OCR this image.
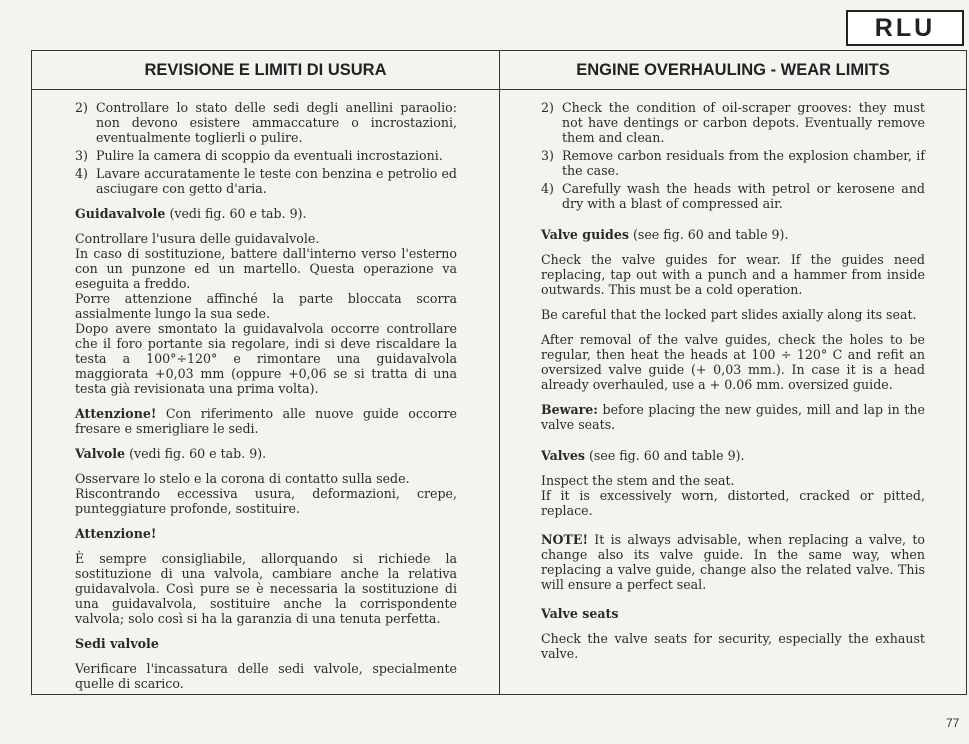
RLU
REVISIONE E LIMITI DI USURA	ENGINE OVERHAULING - WEAR LIMITS
2) Controllare lo stato delle sedi degli anellini paraolio: non devono esistere ammaccature o incrostazioni, eventualmente toglierli o pulire.
3) Pulire la camera di scoppio da eventuali incrostazioni.
4) Lavare accuratamente le teste con benzina e petrolio ed asciugare con getto d'aria.

Guidavalvole (vedi fig. 60 e tab. 9).

Controllare l'usura delle guidavalvole.

In caso di sostituzione, battere dall'interno verso l'esterno con un punzone ed un martello. Questa operazione va eseguita a freddo.

Porre attenzione affinché la parte bloccata scorra assialmente lungo la sua sede.

Dopo avere smontato la guidavalvola occorre controllare che il foro portante sia regolare, indi si deve riscaldare la testa a 100°÷120° e rimontare una guidavalvola maggiorata +0,03 mm (oppure +0,06 se si tratta di una testa già revisionata una prima volta).

Attenzione! Con riferimento alle nuove guide occorre fresare e smerigliare le sedi.

Valvole (vedi fig. 60 e tab. 9).

Osservare lo stelo e la corona di contatto sulla sede.

Riscontrando eccessiva usura, deformazioni, crepe, punteggiature profonde, sostituire.

Attenzione!

È sempre consigliabile, allorquando si richiede la sostituzione di una valvola, cambiare anche la relativa guidavalvola. Così pure se è necessaria la sostituzione di una guidavalvola, sostituire anche la corrispondente valvola; solo così si ha la garanzia di una tenuta perfetta.

Sedi valvole

Verificare l'incassatura delle sedi valvole, specialmente quelle di scarico.

2) Check the condition of oil-scraper grooves: they must not have dentings or carbon depots. Eventually remove them and clean.
3) Remove carbon residuals from the explosion chamber, if the case.
4) Carefully wash the heads with petrol or kerosene and dry with a blast of compressed air.

Valve guides (see fig. 60 and table 9).

Check the valve guides for wear. If the guides need replacing, tap out with a punch and a hammer from inside outwards. This must be a cold operation.

Be careful that the locked part slides axially along its seat.

After removal of the valve guides, check the holes to be regular, then heat the heads at 100 ÷ 120° C and refit an oversized valve guide (+ 0,03 mm.). In case it is a head already overhauled, use a + 0.06 mm. oversized guide.

Beware: before placing the new guides, mill and lap in the valve seats.

Valves (see fig. 60 and table 9).

Inspect the stem and the seat.

If it is excessively worn, distorted, cracked or pitted, replace.

NOTE! It is always advisable, when replacing a valve, to change also its valve guide. In the same way, when replacing a valve guide, change also the related valve. This will ensure a perfect seal.

Valve seats

Check the valve seats for security, especially the exhaust valve.

77
